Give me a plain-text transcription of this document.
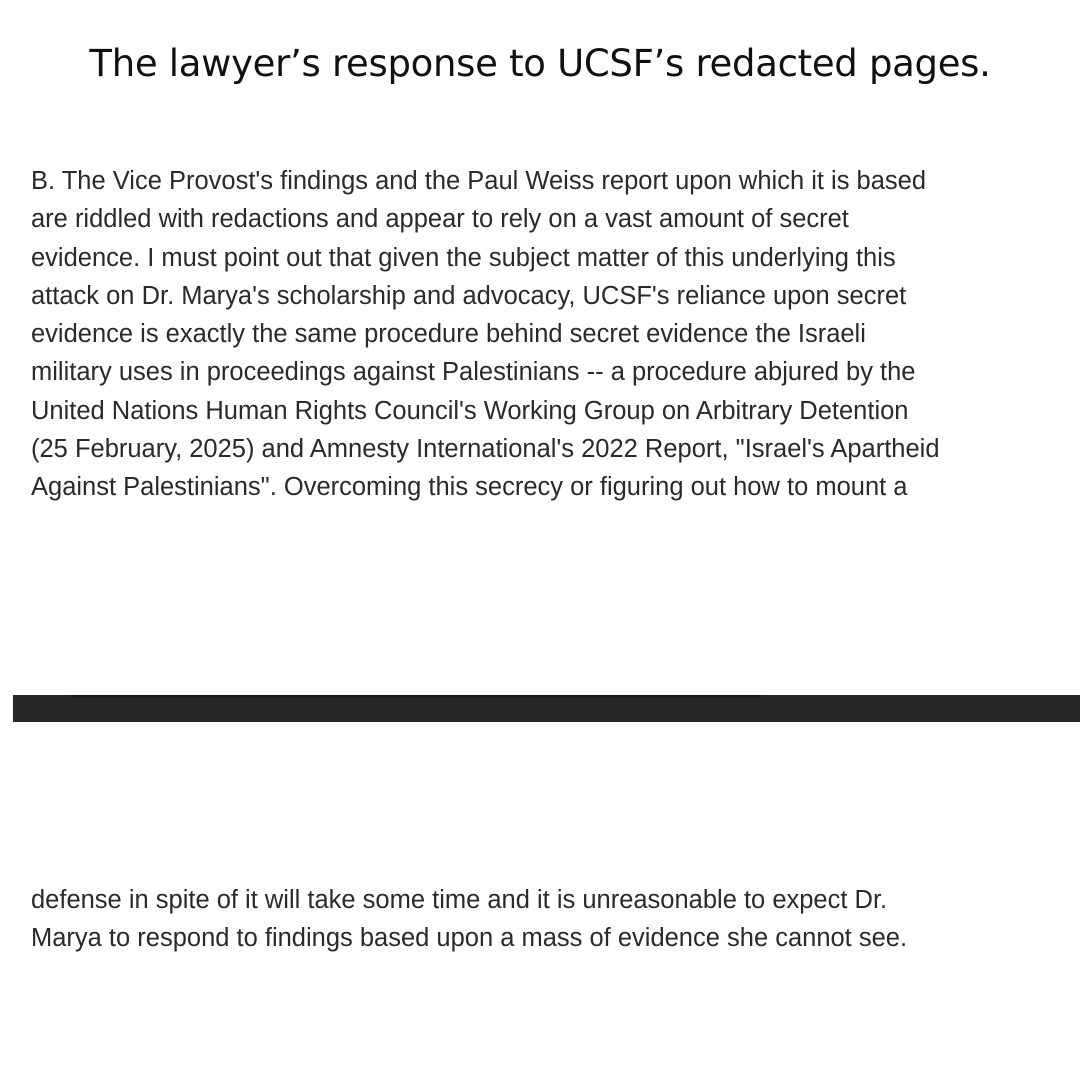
The lawyer’s response to UCSF’s redacted pages.
B. The Vice Provost's findings and the Paul Weiss report upon which it is based
are riddled with redactions and appear to rely on a vast amount of secret
evidence. I must point out that given the subject matter of this underlying this
attack on Dr. Marya's scholarship and advocacy, UCSF's reliance upon secret
evidence is exactly the same procedure behind secret evidence the Israeli
military uses in proceedings against Palestinians -- a procedure abjured by the
United Nations Human Rights Council's Working Group on Arbitrary Detention
(25 February, 2025) and Amnesty International's 2022 Report, "Israel's Apartheid
Against Palestinians". Overcoming this secrecy or figuring out how to mount a
defense in spite of it will take some time and it is unreasonable to expect Dr.
Marya to respond to findings based upon a mass of evidence she cannot see.
